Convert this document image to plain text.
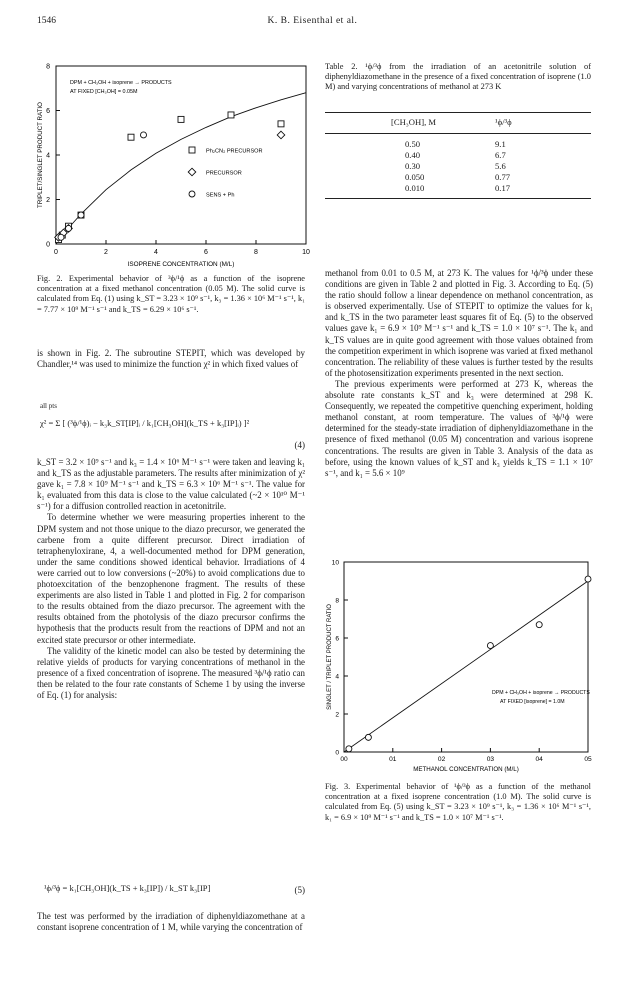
1546	K. B. Eisenthal et al.
0	2	4	6	8	10
0
2
4
6
8
ISOPRENE CONCENTRATION (M/L)
TRIPLET/SINGLET PRODUCT RATIO
DPM + CH₃OH + isoprene → PRODUCTS
AT FIXED [CH₃OH] = 0.05M
Ph₂CN₂ PRECURSOR
PRECURSOR
SENS + Ph
Fig. 2. Experimental behavior of ³ϕ/¹ϕ as a function of the isoprene concentration at a fixed methanol concentration (0.05 M). The solid curve is calculated from Eq. (1) using k_ST = 3.23 × 10⁹ s⁻¹, k₃ = 1.36 × 10⁶ M⁻¹ s⁻¹, k₁ = 7.77 × 10⁹ M⁻¹ s⁻¹ and k_TS = 6.29 × 10⁶ s⁻¹.

is shown in Fig. 2. The subroutine STEPIT, which was developed by Chandler,¹⁴ was used to minimize the function χ² in which fixed values of

all pts
χ² = Σ [ (³ϕ/¹ϕ)ᵢ − k₃k_ST[IP]ᵢ / k₁[CH₃OH](k_TS + k₃[IP]ᵢ) ]²
(4)

k_ST = 3.2 × 10⁹ s⁻¹ and k₃ = 1.4 × 10⁶ M⁻¹ s⁻¹ were taken and leaving k₁ and k_TS as the adjustable parameters. The results after minimization of χ² gave k₁ = 7.8 × 10⁹ M⁻¹ s⁻¹ and k_TS = 6.3 × 10⁶ M⁻¹ s⁻¹. The value for k₁ evaluated from this data is close to the value calculated (~2 × 10¹⁰ M⁻¹ s⁻¹) for a diffusion controlled reaction in acetonitrile.

To determine whether we were measuring properties inherent to the DPM system and not those unique to the diazo precursor, we generated the carbene from a quite different precursor. Direct irradiation of tetraphenyloxirane, 4, a well-documented method for DPM generation, under the same conditions showed identical behavior. Irradiations of 4 were carried out to low conversions (~20%) to avoid complications due to photoexcitation of the benzophenone fragment. The results of these experiments are also listed in Table 1 and plotted in Fig. 2 for comparison to the results obtained from the diazo precursor. The agreement with the results obtained from the photolysis of the diazo precursor confirms the hypothesis that the products result from the reactions of DPM and not an excited state precursor or other intermediate.

The validity of the kinetic model can also be tested by determining the relative yields of products for varying concentrations of methanol in the presence of a fixed concentration of isoprene. The measured ³ϕ/¹ϕ ratio can then be related to the four rate constants of Scheme 1 by using the inverse of Eq. (1) for analysis:

¹ϕ/³ϕ = k₁[CH₃OH](k_TS + k₃[IP]) / k_ST k₃[IP]	(5)

The test was performed by the irradiation of diphenyldiazomethane at a constant isoprene concentration of 1 M, while varying the concentration of

Table 2. ¹ϕ/³ϕ from the irradiation of an acetonitrile solution of diphenyldiazomethane in the presence of a fixed concentration of isoprene (1.0 M) and varying concentrations of methanol at 273 K
[CH₃OH], M	¹ϕ/³ϕ
0.50	9.1
0.40	6.7
0.30	5.6
0.050	0.77
0.010	0.17

methanol from 0.01 to 0.5 M, at 273 K. The values for ¹ϕ/³ϕ under these conditions are given in Table 2 and plotted in Fig. 3. According to Eq. (5) the ratio should follow a linear dependence on methanol concentration, as is observed experimentally. Use of STEPIT to optimize the values for k₁ and k_TS in the two parameter least squares fit of Eq. (5) to the observed values gave k₁ = 6.9 × 10⁹ M⁻¹ s⁻¹ and k_TS = 1.0 × 10⁷ s⁻¹. The k₁ and k_TS values are in quite good agreement with those values obtained from the competition experiment in which isoprene was varied at fixed methanol concentration. The reliability of these values is further tested by the results of the photosensitization experiments presented in the next section.

The previous experiments were performed at 273 K, whereas the absolute rate constants k_ST and k₃ were determined at 298 K. Consequently, we repeated the competitive quenching experiment, holding methanol constant, at room temperature. The values of ³ϕ/¹ϕ were determined for the steady-state irradiation of diphenyldiazomethane in the presence of fixed methanol (0.05 M) concentration and various isoprene concentrations. The results are given in Table 3. Analysis of the data as before, using the known values of k_ST and k₃ yields k_TS = 1.1 × 10⁷ s⁻¹, and k₁ = 5.6 × 10⁹

00	01	02	03	04	05
0
2
4
6
8
10
METHANOL CONCENTRATION (M/L)
SINGLET / TRIPLET PRODUCT RATIO	DPM + CH₃OH + isoprene → PRODUCTS
AT FIXED [isoprene] = 1.0M
Fig. 3. Experimental behavior of ¹ϕ/³ϕ as a function of the methanol concentration at a fixed isoprene concentration (1.0 M). The solid curve is calculated from Eq. (5) using k_ST = 3.23 × 10⁹ s⁻¹, k₃ = 1.36 × 10⁶ M⁻¹ s⁻¹, k₁ = 6.9 × 10⁹ M⁻¹ s⁻¹ and k_TS = 1.0 × 10⁷ M⁻¹ s⁻¹.
